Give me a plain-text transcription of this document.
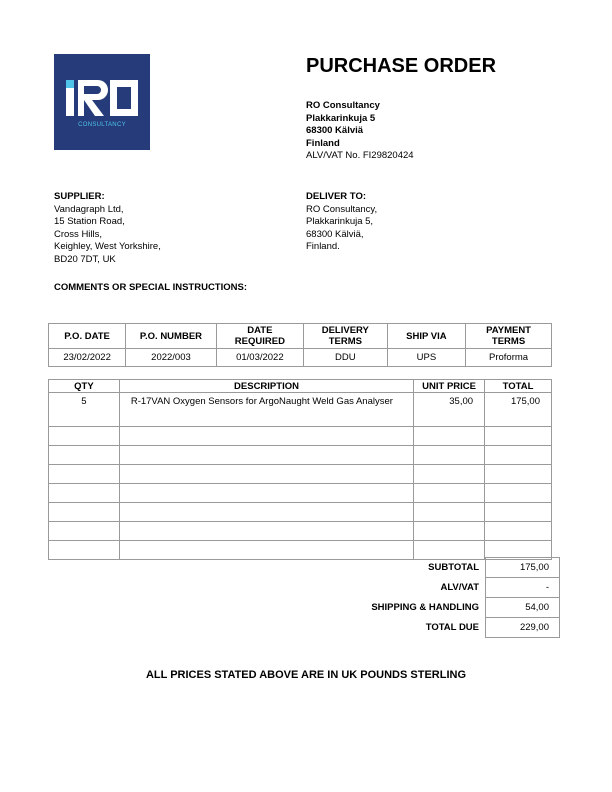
CONSULTANCY
PURCHASE ORDER
RO Consultancy
Plakkarinkuja 5
68300 Kälviä
Finland
ALV/VAT No. FI29820424
SUPPLIER:
Vandagraph Ltd,
15 Station Road,
Cross Hills,
Keighley, West Yorkshire,
BD20 7DT, UK
DELIVER TO:
RO Consultancy,
Plakkarinkuja 5,
68300 Kälviä,
Finland.
COMMENTS OR SPECIAL INSTRUCTIONS:
P.O. DATE	P.O. NUMBER	DATE REQUIRED	DELIVERY TERMS	SHIP VIA	PAYMENT TERMS
23/02/2022	2022/003	01/03/2022	DDU	UPS	Proforma
QTY	DESCRIPTION	UNIT PRICE	TOTAL
5	R-17VAN Oxygen Sensors for ArgoNaught Weld Gas Analyser	35,00	175,00

SUBTOTAL	175,00
ALV/VAT	-
SHIPPING & HANDLING	54,00
TOTAL DUE	229,00
ALL PRICES STATED ABOVE ARE IN UK POUNDS STERLING
